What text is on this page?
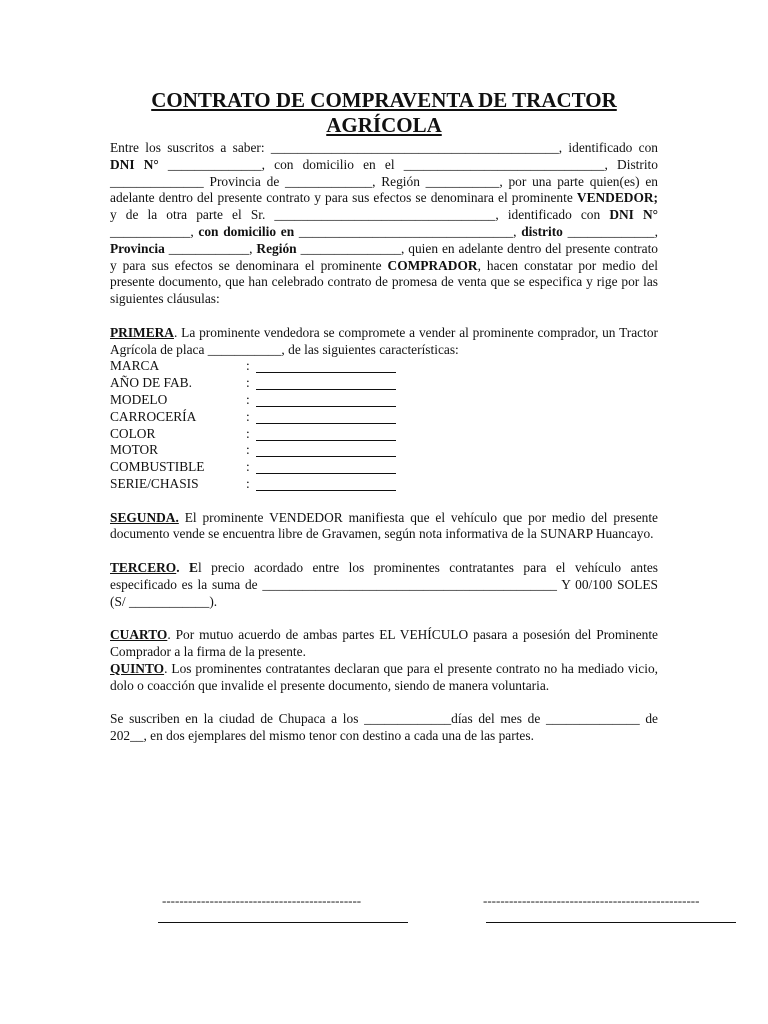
CONTRATO DE COMPRAVENTA DE TRACTOR
AGRÍCOLA

Entre los suscritos a saber: ___________________________________________, identificado con DNI N° ______________, con domicilio en el ______________________________, Distrito ______________ Provincia de _____________, Región ___________, por una parte quien(es) en adelante dentro del presente contrato y para sus efectos se denominara el prominente VENDEDOR; y de la otra parte el Sr. _________________________________, identificado con DNI N° ____________, con domicilio en ________________________________, distrito _____________, Provincia ____________, Región _______________, quien en adelante dentro del presente contrato y para sus efectos se denominara el prominente COMPRADOR, hacen constatar por medio del presente documento, que han celebrado contrato de promesa de venta que se especifica y rige por las siguientes cláusulas:

PRIMERA. La prominente vendedora se compromete a vender al prominente comprador, un Tractor Agrícola de placa ___________, de las siguientes características:

MARCA	:
AÑO DE FAB.	:
MODELO	:
CARROCERÍA	:
COLOR	:
MOTOR	:
COMBUSTIBLE	:
SERIE/CHASIS	:

SEGUNDA. El prominente VENDEDOR manifiesta que el vehículo que por medio del presente documento vende se encuentra libre de Gravamen, según nota informativa de la SUNARP Huancayo.

TERCERO. El precio acordado entre los prominentes contratantes para el vehículo antes especificado es la suma de ____________________________________________ Y 00/100 SOLES (S/ ____________).

CUARTO. Por mutuo acuerdo de ambas partes EL VEHÍCULO pasara a posesión del Prominente Comprador a la firma de la presente.

QUINTO. Los prominentes contratantes declaran que para el presente contrato no ha mediado vicio, dolo o coacción que invalide el presente documento, siendo de manera voluntaria.

Se suscriben en la ciudad de Chupaca a los _____________días del mes de ______________ de 202__, en dos ejemplares del mismo tenor con destino a cada una de las partes.

----------------------------------------------	--------------------------------------------------
